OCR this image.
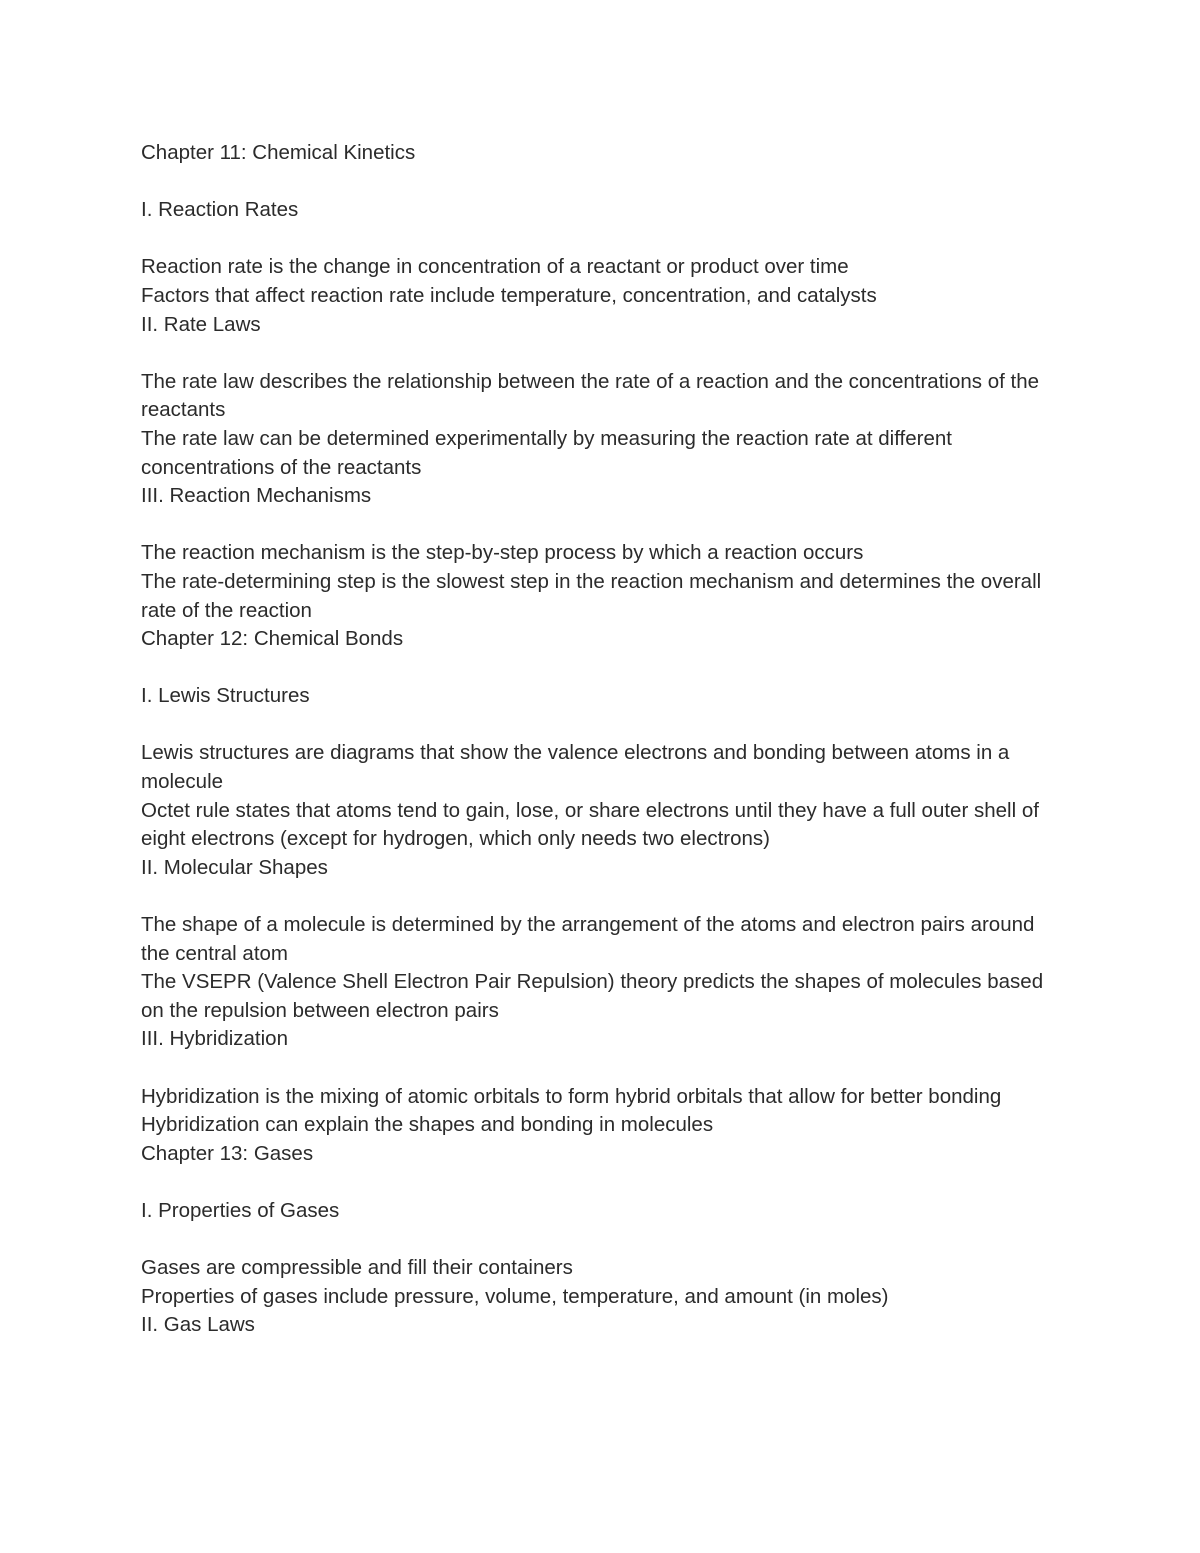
Chapter 11: Chemical Kinetics

I. Reaction Rates

Reaction rate is the change in concentration of a reactant or product over time

Factors that affect reaction rate include temperature, concentration, and catalysts

II. Rate Laws

The rate law describes the relationship between the rate of a reaction and the concentrations of the reactants

The rate law can be determined experimentally by measuring the reaction rate at different concentrations of the reactants

III. Reaction Mechanisms

The reaction mechanism is the step-by-step process by which a reaction occurs

The rate-determining step is the slowest step in the reaction mechanism and determines the overall rate of the reaction

Chapter 12: Chemical Bonds

I. Lewis Structures

Lewis structures are diagrams that show the valence electrons and bonding between atoms in a molecule

Octet rule states that atoms tend to gain, lose, or share electrons until they have a full outer shell of eight electrons (except for hydrogen, which only needs two electrons)

II. Molecular Shapes

The shape of a molecule is determined by the arrangement of the atoms and electron pairs around the central atom

The VSEPR (Valence Shell Electron Pair Repulsion) theory predicts the shapes of molecules based on the repulsion between electron pairs

III. Hybridization

Hybridization is the mixing of atomic orbitals to form hybrid orbitals that allow for better bonding

Hybridization can explain the shapes and bonding in molecules

Chapter 13: Gases

I. Properties of Gases

Gases are compressible and fill their containers

Properties of gases include pressure, volume, temperature, and amount (in moles)

II. Gas Laws
